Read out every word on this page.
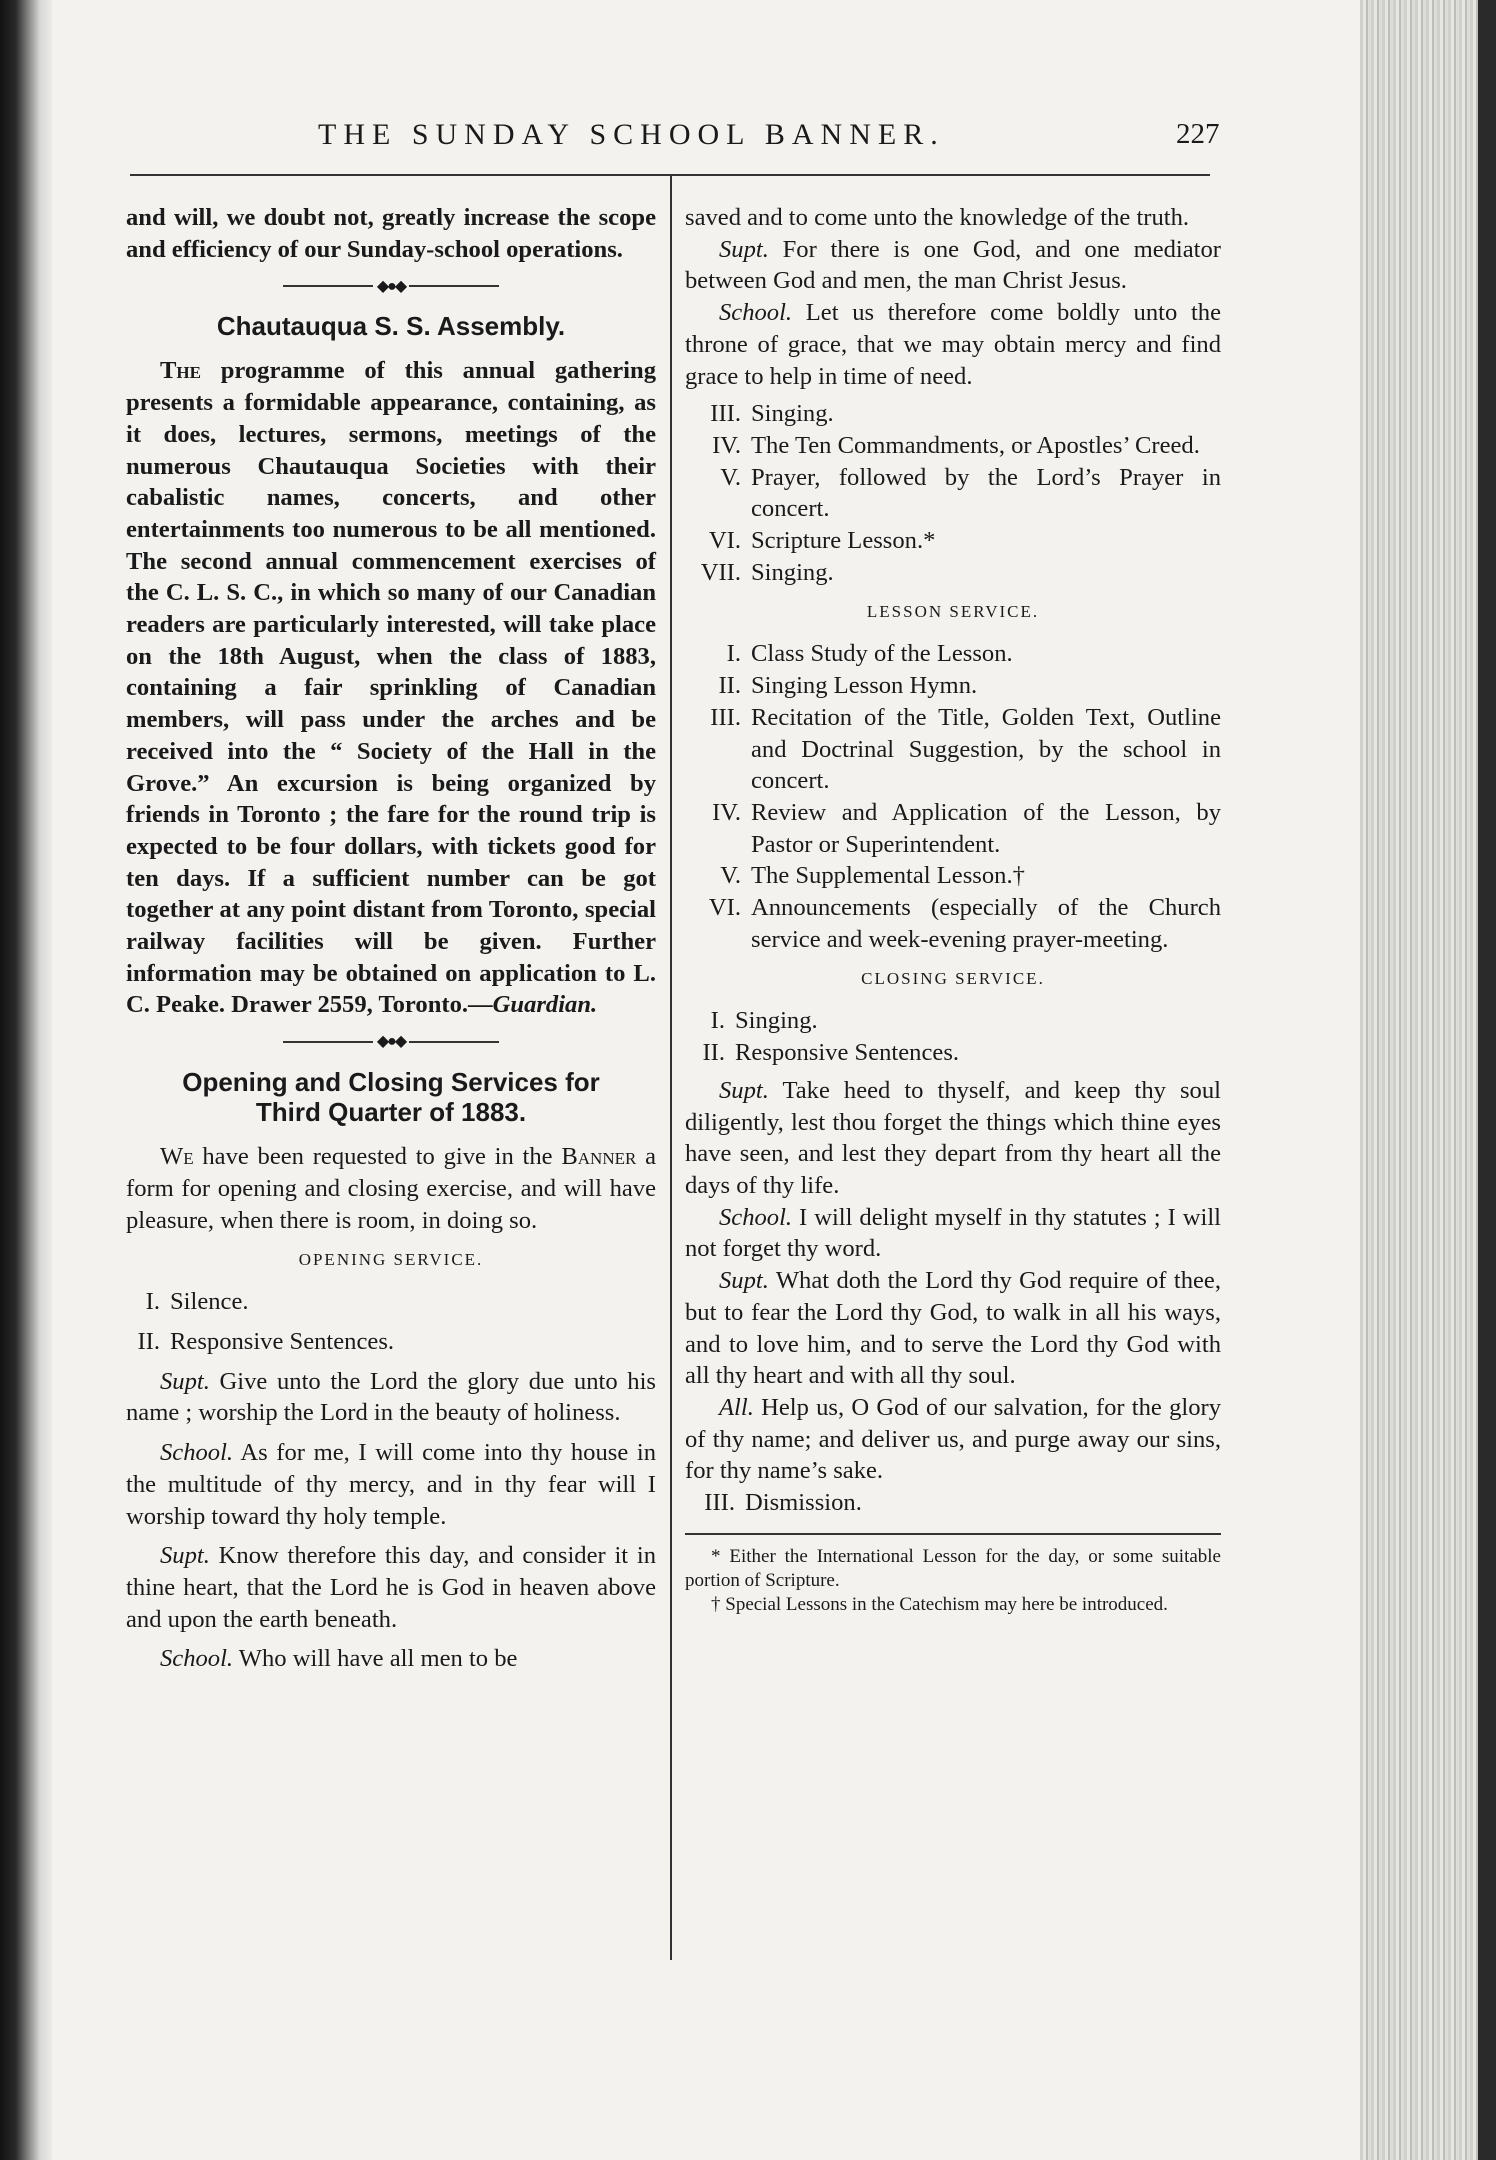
THE SUNDAY SCHOOL BANNER.	227

and will, we doubt not, greatly increase the scope and efficiency of our Sunday-school operations.

◆●◆
Chautauqua S. S. Assembly.

The programme of this annual gathering presents a formidable appearance, containing, as it does, lectures, sermons, meetings of the numerous Chautauqua Societies with their cabalistic names, concerts, and other entertainments too numerous to be all mentioned. The second annual commencement exercises of the C. L. S. C., in which so many of our Canadian readers are particularly interested, will take place on the 18th August, when the class of 1883, containing a fair sprinkling of Canadian members, will pass under the arches and be received into the “ Society of the Hall in the Grove.” An excursion is being organized by friends in Toronto ; the fare for the round trip is expected to be four dollars, with tickets good for ten days. If a sufficient number can be got together at any point distant from Toronto, special railway facilities will be given. Further information may be obtained on application to L. C. Peake. Drawer 2559, Toronto.—Guardian.

◆●◆
Opening and Closing Services for
Third Quarter of 1883.

We have been requested to give in the Banner a form for opening and closing exercise, and will have pleasure, when there is room, in doing so.

OPENING SERVICE.

I. Silence.

II. Responsive Sentences.

Supt. Give unto the Lord the glory due unto his name ; worship the Lord in the beauty of holiness.

School. As for me, I will come into thy house in the multitude of thy mercy, and in thy fear will I worship toward thy holy temple.

Supt. Know therefore this day, and consider it in thine heart, that the Lord he is God in heaven above and upon the earth beneath.

School. Who will have all men to be

saved and to come unto the knowledge of the truth.

Supt. For there is one God, and one mediator between God and men, the man Christ Jesus.

School. Let us therefore come boldly unto the throne of grace, that we may obtain mercy and find grace to help in time of need.

III. Singing.

IV. The Ten Commandments, or Apostles’ Creed.

V. Prayer, followed by the Lord’s Prayer in concert.

VI. Scripture Lesson.*

VII. Singing.

LESSON SERVICE.

I. Class Study of the Lesson.

II. Singing Lesson Hymn.

III. Recitation of the Title, Golden Text, Outline and Doctrinal Suggestion, by the school in concert.

IV. Review and Application of the Lesson, by Pastor or Superintendent.

V. The Supplemental Lesson.†

VI. Announcements (especially of the Church service and week-evening prayer-meeting.

CLOSING SERVICE.

I. Singing.

II. Responsive Sentences.

Supt. Take heed to thyself, and keep thy soul diligently, lest thou forget the things which thine eyes have seen, and lest they depart from thy heart all the days of thy life.

School. I will delight myself in thy statutes ; I will not forget thy word.

Supt. What doth the Lord thy God require of thee, but to fear the Lord thy God, to walk in all his ways, and to love him, and to serve the Lord thy God with all thy heart and with all thy soul.

All. Help us, O God of our salvation, for the glory of thy name; and deliver us, and purge away our sins, for thy name’s sake.

III. Dismission.

* Either the International Lesson for the day, or some suitable portion of Scripture.

† Special Lessons in the Catechism may here be introduced.
